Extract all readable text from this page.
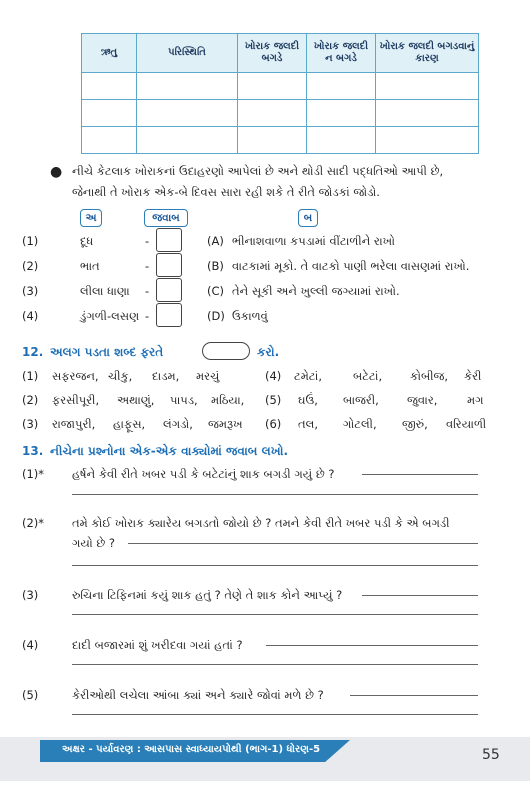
ઋતુ	પરિસ્થિતિ	ખોરાક જલદી બગડે	ખોરાક જલદી ન બગડે	ખોરાક જલદી બગડવાનું કારણ

● નીચે કેટલાક ખોરાકનાં ઉદાહરણો આપેલાં છે અને થોડી સાદી પદ્ધતિઓ આપી છે,
જેનાથી તે ખોરાક એક-બે દિવસ સારા રહી શકે તે રીતે જોડકાં જોડો.
અ	જવાબ	બ
(1)	દૂધ	-	(A) ભીનાશવાળા કપડામાં વીંટાળીને રાખો
(2)	ભાત	-	(B) વાટકામાં મૂકો. તે વાટકો પાણી ભરેલા વાસણમાં રાખો.
(3)	લીલા ધાણા -	(C) તેને સૂકી અને ખુલ્લી જગ્યામાં રાખો.
(4)	ડુંગળી-લસણ -	(D) ઉકાળવું
12. અલગ પડતા શબ્દ ફરતે	કરો.
(1) સફરજન, ચીકુ, દાડમ, મરચું
(2) ફરસીપૂરી, અથાણું, પાપડ, મઠિયા,
(3) રાજાપુરી, હાફૂસ, લંગડો, જમરૂખ
(4) ટમેટાં,	બટેટાં, કોબીજ, કેરી
(5) ઘઉં, બાજરી, જુવાર,	મગ
(6) તલ, ગોટલી, જીરું, વરિયાળી
13. નીચેના પ્રશ્નોના એક-એક વાક્યોમાં જવાબ લખો.
(1)* હર્ષને કેવી રીતે ખબર પડી કે બટેટાંનું શાક બગડી ગયું છે ?
(2)* તમે કોઈ ખોરાક ક્યારેય બગડતો જોયો છે ? તમને કેવી રીતે ખબર પડી કે એ બગડી
ગયો છે ?
(3)	રુચિના ટિફિનમાં કયું શાક હતું ? તેણે તે શાક કોને આપ્યું ?
(4)	દાદી બજારમાં શું ખરીદવા ગયાં હતાં ?
(5)	કેરીઓથી લચેલા આંબા ક્યાં અને ક્યારે જોવાં મળે છે ?
અક્ષર - પર્યાવરણ : આસપાસ સ્વાધ્યાયપોથી (ભાગ-1) ધોરણ-5	55
